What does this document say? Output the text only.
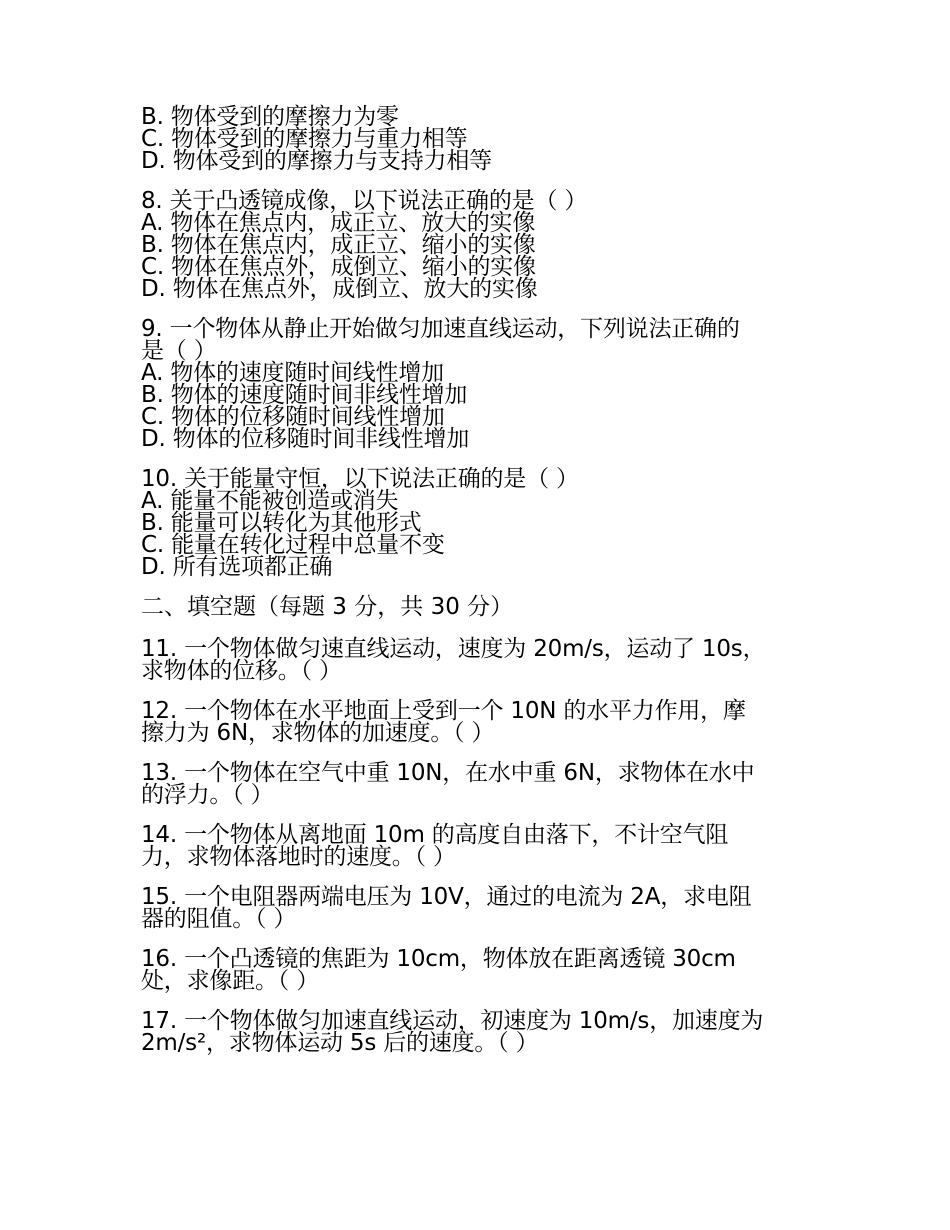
B. 物体受到的摩擦力为零
C. 物体受到的摩擦力与重力相等
D. 物体受到的摩擦力与支持力相等
8. 关于凸透镜成像，以下说法正确的是（ ）
A. 物体在焦点内，成正立、放大的实像
B. 物体在焦点内，成正立、缩小的实像
C. 物体在焦点外，成倒立、缩小的实像
D. 物体在焦点外，成倒立、放大的实像
9. 一个物体从静止开始做匀加速直线运动，下列说法正确的
是（ ）
A. 物体的速度随时间线性增加
B. 物体的速度随时间非线性增加
C. 物体的位移随时间线性增加
D. 物体的位移随时间非线性增加
10. 关于能量守恒，以下说法正确的是（ ）
A. 能量不能被创造或消失
B. 能量可以转化为其他形式
C. 能量在转化过程中总量不变
D. 所有选项都正确
二、填空题（每题 3 分，共 30 分）
11. 一个物体做匀速直线运动，速度为 20m/s，运动了 10s，
求物体的位移。（ ）
12. 一个物体在水平地面上受到一个 10N 的水平力作用，摩
擦力为 6N，求物体的加速度。（ ）
13. 一个物体在空气中重 10N，在水中重 6N，求物体在水中
的浮力。（ ）
14. 一个物体从离地面 10m 的高度自由落下，不计空气阻
力，求物体落地时的速度。（ ）
15. 一个电阻器两端电压为 10V，通过的电流为 2A，求电阻
器的阻值。（ ）
16. 一个凸透镜的焦距为 10cm，物体放在距离透镜 30cm
处，求像距。（ ）
17. 一个物体做匀加速直线运动，初速度为 10m/s，加速度为
2m/s²，求物体运动 5s 后的速度。（ ）
